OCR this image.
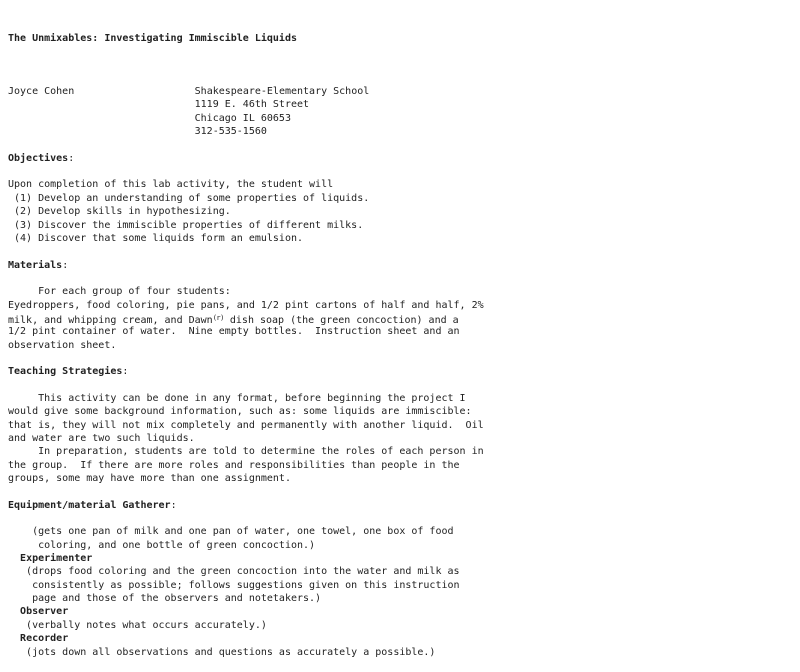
The Unmixables: Investigating Immiscible Liquids

Joyce Cohen	Shakespeare-Elementary School
1119 E. 46th Street
Chicago IL 60653
312-535-1560

Objectives:

Upon completion of this lab activity, the student will
(1) Develop an understanding of some properties of liquids.
(2) Develop skills in hypothesizing.
(3) Discover the immiscible properties of different milks.
(4) Discover that some liquids form an emulsion.

Materials:

For each group of four students:
Eyedroppers, food coloring, pie pans, and 1/2 pint cartons of half and half, 2%
milk, and whipping cream, and Dawn$^{(r)}$ dish soap (the green concoction) and a
1/2 pint container of water.  Nine empty bottles.  Instruction sheet and an
observation sheet.

Teaching Strategies:

This activity can be done in any format, before beginning the project I
would give some background information, such as: some liquids are immiscible:
that is, they will not mix completely and permanently with another liquid.  Oil
and water are two such liquids.
In preparation, students are told to determine the roles of each person in
the group.  If there are more roles and responsibilities than people in the
groups, some may have more than one assignment.

Equipment/material Gatherer:

(gets one pan of milk and one pan of water, one towel, one box of food
coloring, and one bottle of green concoction.)
Experimenter
(drops food coloring and the green concoction into the water and milk as
consistently as possible; follows suggestions given on this instruction
page and those of the observers and notetakers.)
Observer
(verbally notes what occurs accurately.)
Recorder
(jots down all observations and questions as accurately a possible.)
